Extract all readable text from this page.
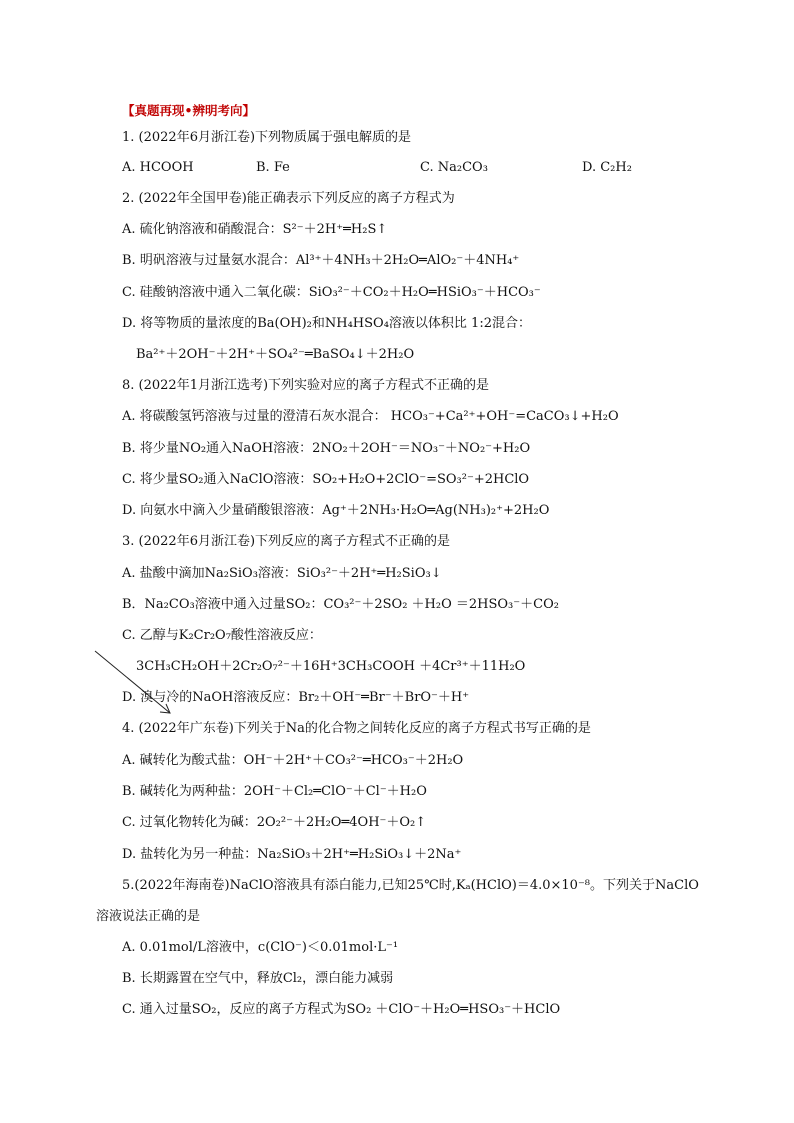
【真题再现•辨明考向】
1. (2022年6月浙江卷)下列物质属于强电解质的是
A. HCOOH	B. Fe	C. Na₂CO₃	D. C₂H₂
2. (2022年全国甲卷)能正确表示下列反应的离子方程式为
A. 硫化钠溶液和硝酸混合：S²⁻＋2H⁺═H₂S↑
B. 明矾溶液与过量氨水混合：Al³⁺＋4NH₃＋2H₂O═AlO₂⁻＋4NH₄⁺
C. 硅酸钠溶液中通入二氧化碳：SiO₃²⁻＋CO₂＋H₂O═HSiO₃⁻＋HCO₃⁻
D. 将等物质的量浓度的Ba(OH)₂和NH₄HSO₄溶液以体积比 1:2混合：
Ba²⁺＋2OH⁻＋2H⁺＋SO₄²⁻═BaSO₄↓＋2H₂O
8. (2022年1月浙江选考)下列实验对应的离子方程式不正确的是
A. 将碳酸氢钙溶液与过量的澄清石灰水混合： HCO₃⁻+Ca²⁺+OH⁻=CaCO₃↓+H₂O
B. 将少量NO₂通入NaOH溶液：2NO₂＋2OH⁻＝NO₃⁻＋NO₂⁻+H₂O
C. 将少量SO₂通入NaClO溶液：SO₂+H₂O+2ClO⁻=SO₃²⁻+2HClO
D. 向氨水中滴入少量硝酸银溶液：Ag⁺＋2NH₃·H₂O═Ag(NH₃)₂⁺+2H₂O
3. (2022年6月浙江卷)下列反应的离子方程式不正确的是
A. 盐酸中滴加Na₂SiO₃溶液：SiO₃²⁻＋2H⁺═H₂SiO₃↓
B．Na₂CO₃溶液中通入过量SO₂：CO₃²⁻＋2SO₂ ＋H₂O ＝2HSO₃⁻＋CO₂
C. 乙醇与K₂Cr₂O₇酸性溶液反应：
3CH₃CH₂OH＋2Cr₂O₇²⁻＋16H⁺3CH₃COOH ＋4Cr³⁺＋11H₂O
D. 溴与冷的NaOH溶液反应：Br₂＋OH⁻═Br⁻＋BrO⁻＋H⁺
4. (2022年广东卷)下列关于Na的化合物之间转化反应的离子方程式书写正确的是
A. 碱转化为酸式盐：OH⁻＋2H⁺＋CO₃²⁻═HCO₃⁻＋2H₂O
B. 碱转化为两种盐：2OH⁻＋Cl₂═ClO⁻＋Cl⁻＋H₂O
C. 过氧化物转化为碱：2O₂²⁻＋2H₂O═4OH⁻＋O₂↑
D. 盐转化为另一种盐：Na₂SiO₃＋2H⁺═H₂SiO₃↓＋2Na⁺
5.(2022年海南卷)NaClO溶液具有添白能力,已知25℃时,Kₐ(HClO)＝4.0×10⁻⁸。下列关于NaClO
溶液说法正确的是
A. 0.01mol/L溶液中，c(ClO⁻)＜0.01mol·L⁻¹
B. 长期露置在空气中，释放Cl₂，漂白能力减弱
C. 通入过量SO₂，反应的离子方程式为SO₂ ＋ClO⁻＋H₂O═HSO₃⁻＋HClO
